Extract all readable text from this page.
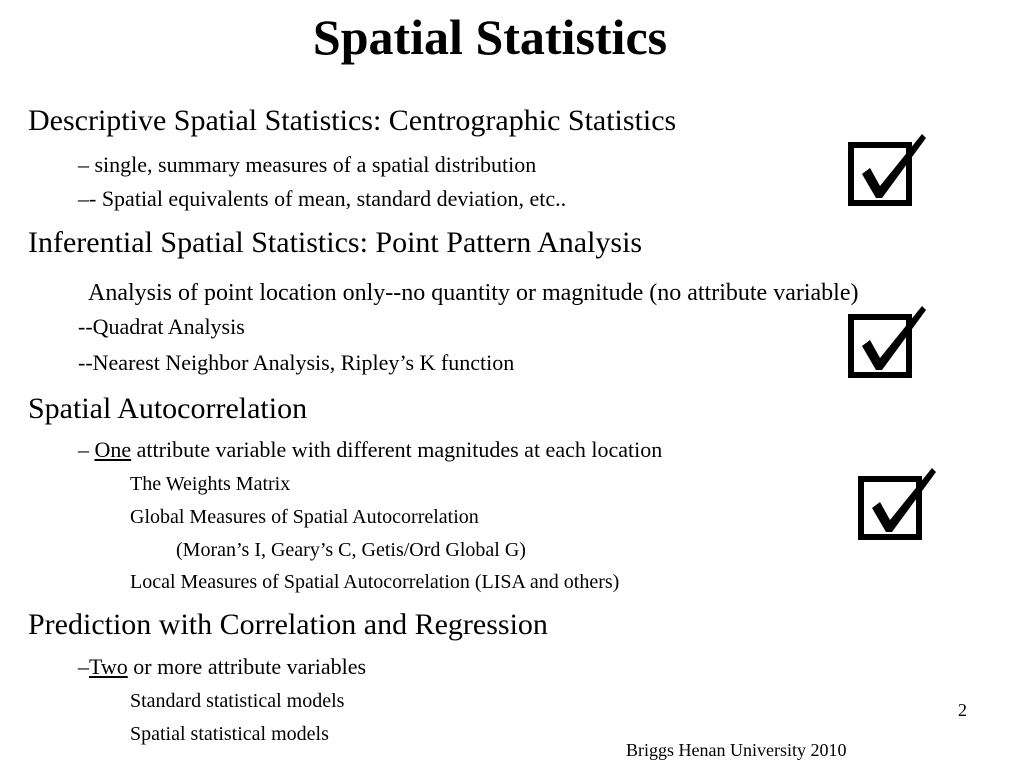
Spatial Statistics
Descriptive Spatial Statistics: Centrographic Statistics
– single, summary measures of a spatial distribution
–- Spatial equivalents of mean, standard deviation, etc..
Inferential Spatial Statistics: Point Pattern Analysis
Analysis of point location only--no quantity or magnitude (no attribute variable)
--Quadrat Analysis
--Nearest Neighbor Analysis, Ripley’s K function
Spatial Autocorrelation
– One attribute variable with different magnitudes at each location
The Weights Matrix
Global Measures of Spatial Autocorrelation
(Moran’s I, Geary’s C, Getis/Ord Global G)
Local Measures of Spatial Autocorrelation (LISA and others)
Prediction with Correlation and Regression
–Two or more attribute variables
Standard statistical models
Spatial statistical models
2
Briggs Henan University 2010
